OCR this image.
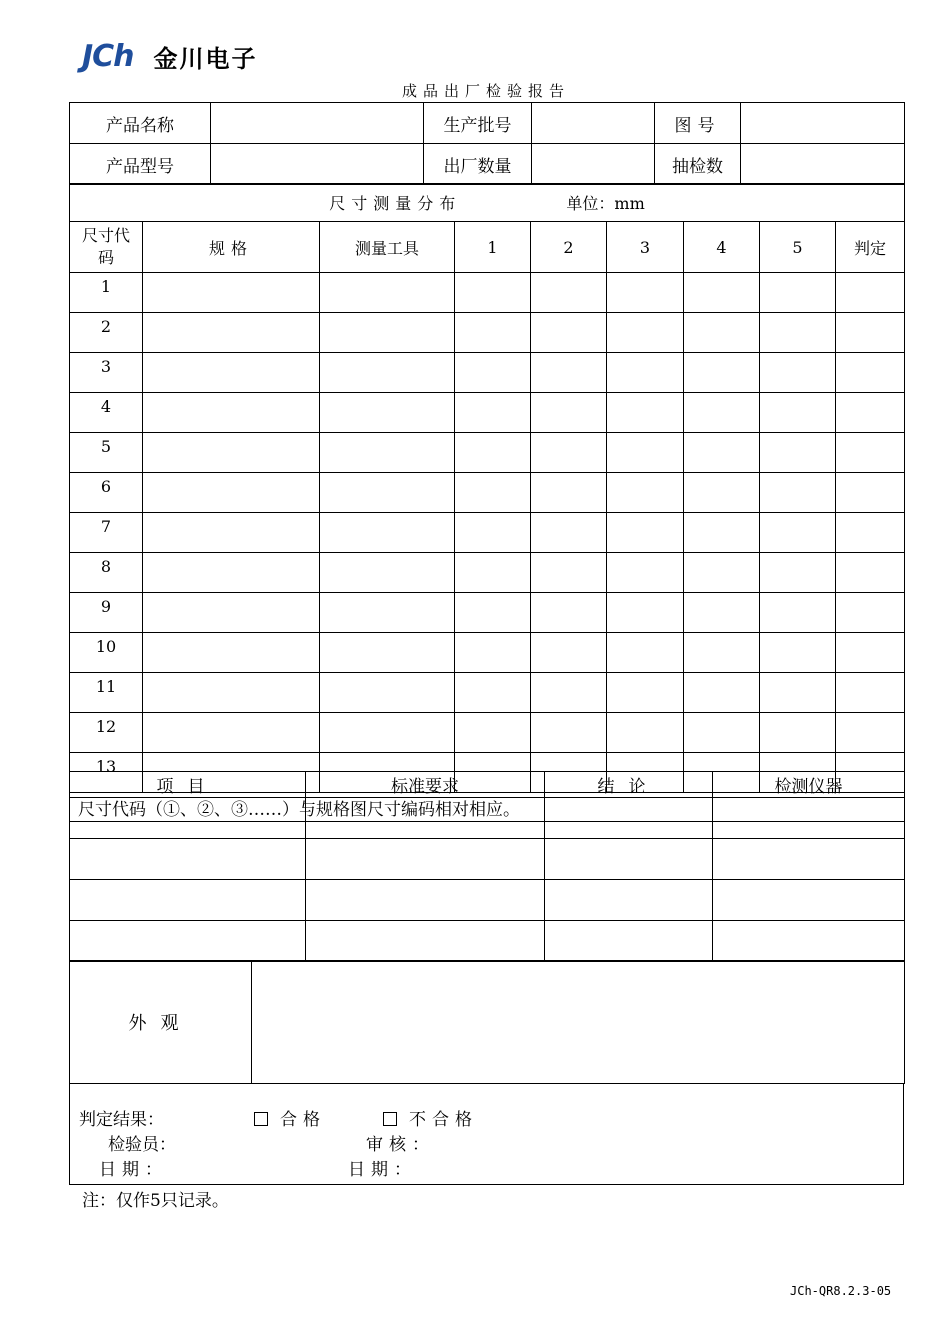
JCh 金川电子
成品出厂检验报告
产品名称		生产批号		图号	
产品型号		出厂数量		抽检数	
尺寸测量分布 单位：mm								
尺寸代码	规格	测量工具	1	2	3	4	5	判定
1								
2								
3								
4								
5								
6								
7								
8								
9								
10								
11								
12								
13								
尺寸代码（①、②、③……）与规格图尺寸编码相对相应。								
项目	标准要求	结论	检测仪器

外观	
判定结果：	合格	不合格
检验员：	审核：
日期：	日期：
注：仅作5只记录。
JCh-QR8.2.3-05
